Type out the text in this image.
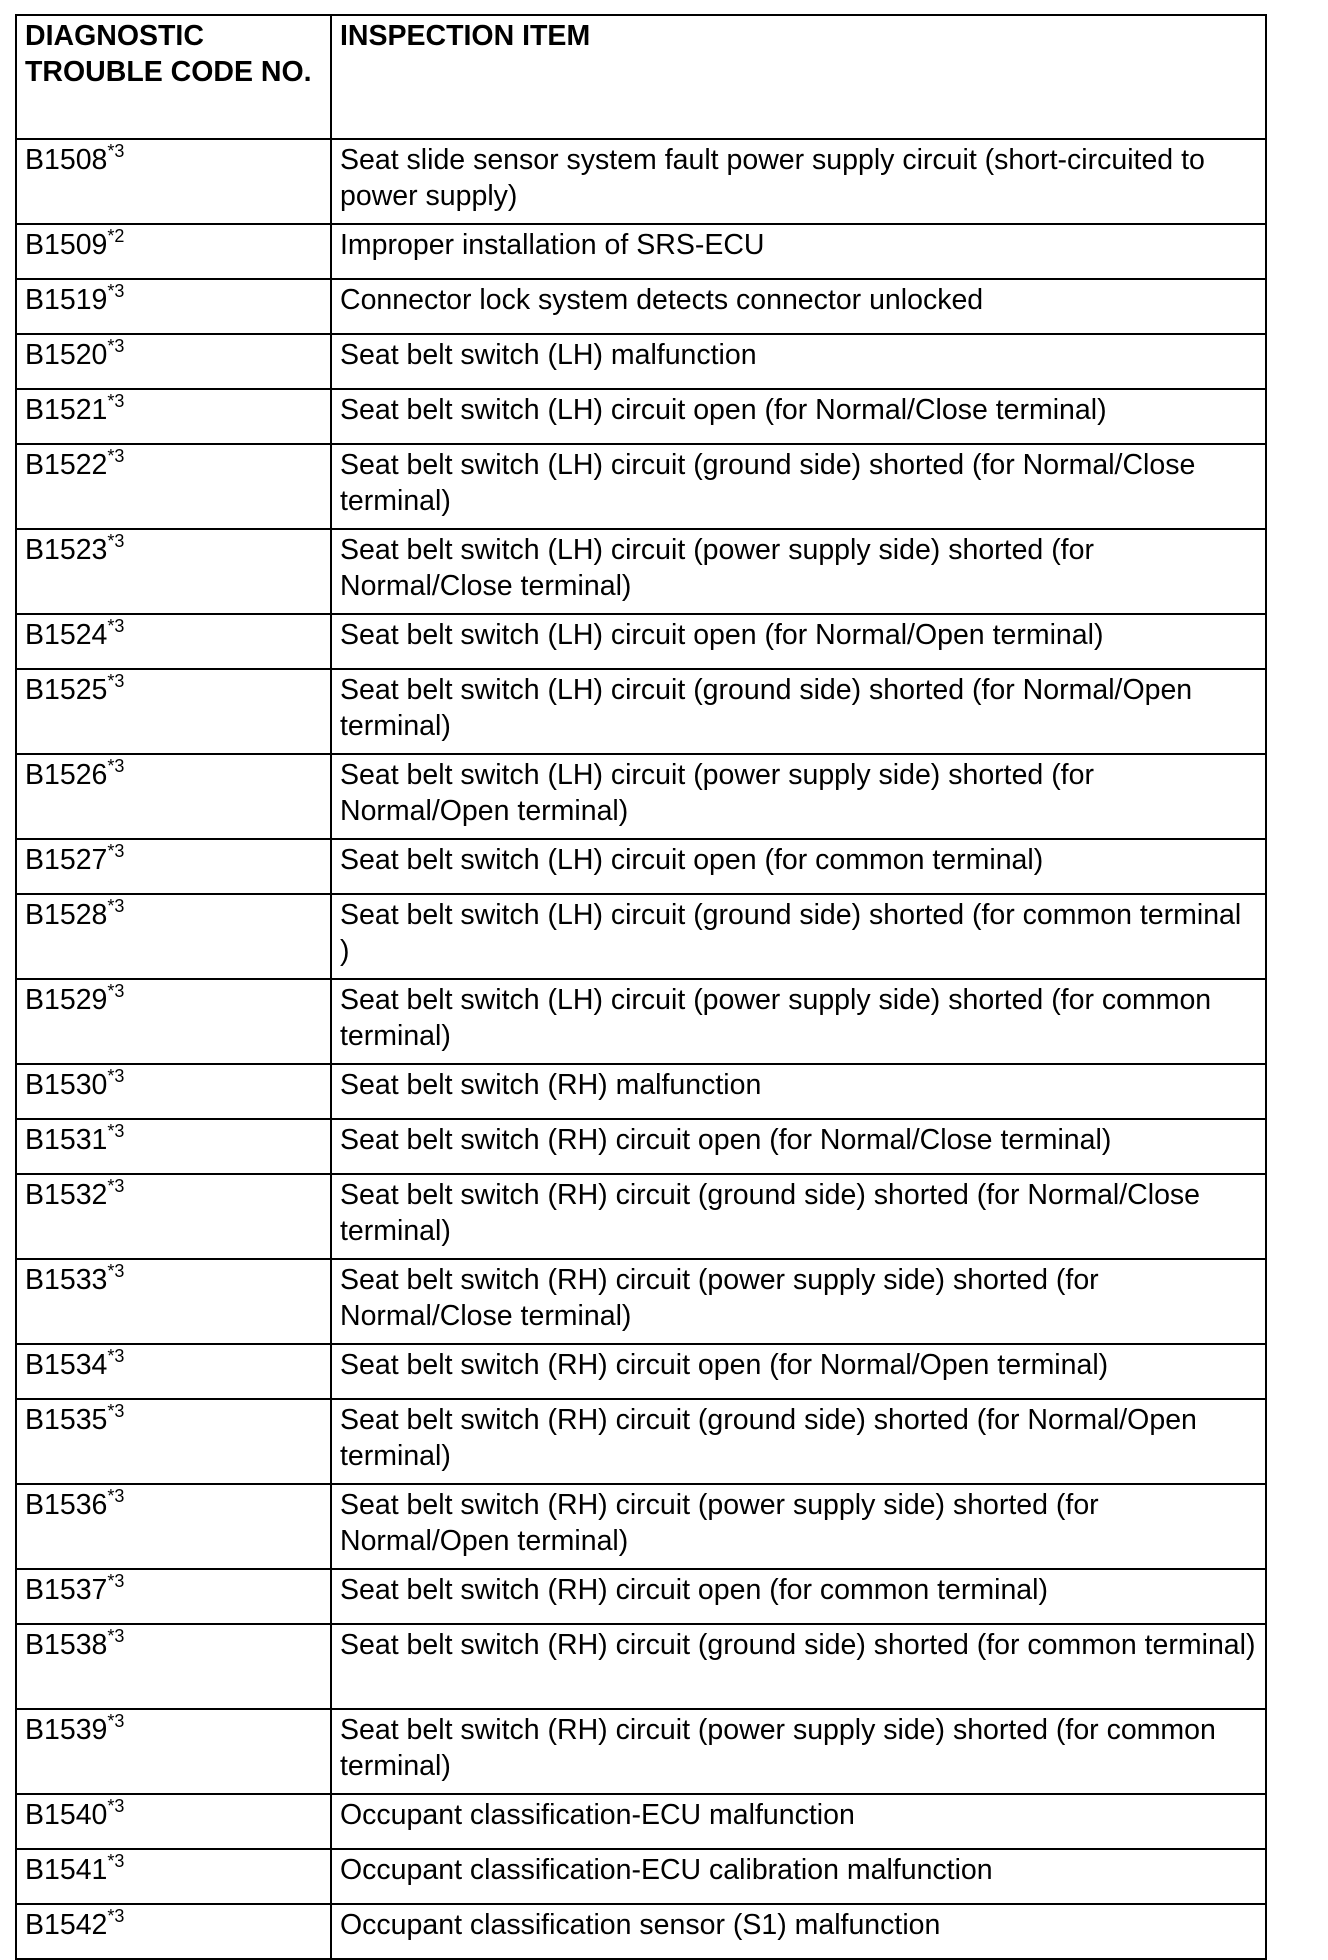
DIAGNOSTIC TROUBLE CODE NO.	INSPECTION ITEM
B1508$^{*3}$	Seat slide sensor system fault power supply circuit (short-circuited to power supply)
B1509$^{*2}$	Improper installation of SRS-ECU
B1519$^{*3}$	Connector lock system detects connector unlocked
B1520$^{*3}$	Seat belt switch (LH) malfunction
B1521$^{*3}$	Seat belt switch (LH) circuit open (for Normal/Close terminal)
B1522$^{*3}$	Seat belt switch (LH) circuit (ground side) shorted (for Normal/Close terminal)
B1523$^{*3}$	Seat belt switch (LH) circuit (power supply side) shorted (for Normal/Close terminal)
B1524$^{*3}$	Seat belt switch (LH) circuit open (for Normal/Open terminal)
B1525$^{*3}$	Seat belt switch (LH) circuit (ground side) shorted (for Normal/Open terminal)
B1526$^{*3}$	Seat belt switch (LH) circuit (power supply side) shorted (for Normal/Open terminal)
B1527$^{*3}$	Seat belt switch (LH) circuit open (for common terminal)
B1528$^{*3}$	Seat belt switch (LH) circuit (ground side) shorted (for common terminal )
B1529$^{*3}$	Seat belt switch (LH) circuit (power supply side) shorted (for common terminal)
B1530$^{*3}$	Seat belt switch (RH) malfunction
B1531$^{*3}$	Seat belt switch (RH) circuit open (for Normal/Close terminal)
B1532$^{*3}$	Seat belt switch (RH) circuit (ground side) shorted (for Normal/Close terminal)
B1533$^{*3}$	Seat belt switch (RH) circuit (power supply side) shorted (for Normal/Close terminal)
B1534$^{*3}$	Seat belt switch (RH) circuit open (for Normal/Open terminal)
B1535$^{*3}$	Seat belt switch (RH) circuit (ground side) shorted (for Normal/Open terminal)
B1536$^{*3}$	Seat belt switch (RH) circuit (power supply side) shorted (for Normal/Open terminal)
B1537$^{*3}$	Seat belt switch (RH) circuit open (for common terminal)
B1538$^{*3}$	Seat belt switch (RH) circuit (ground side) shorted (for common terminal)
B1539$^{*3}$	Seat belt switch (RH) circuit (power supply side) shorted (for common terminal)
B1540$^{*3}$	Occupant classification-ECU malfunction
B1541$^{*3}$	Occupant classification-ECU calibration malfunction
B1542$^{*3}$	Occupant classification sensor (S1) malfunction
